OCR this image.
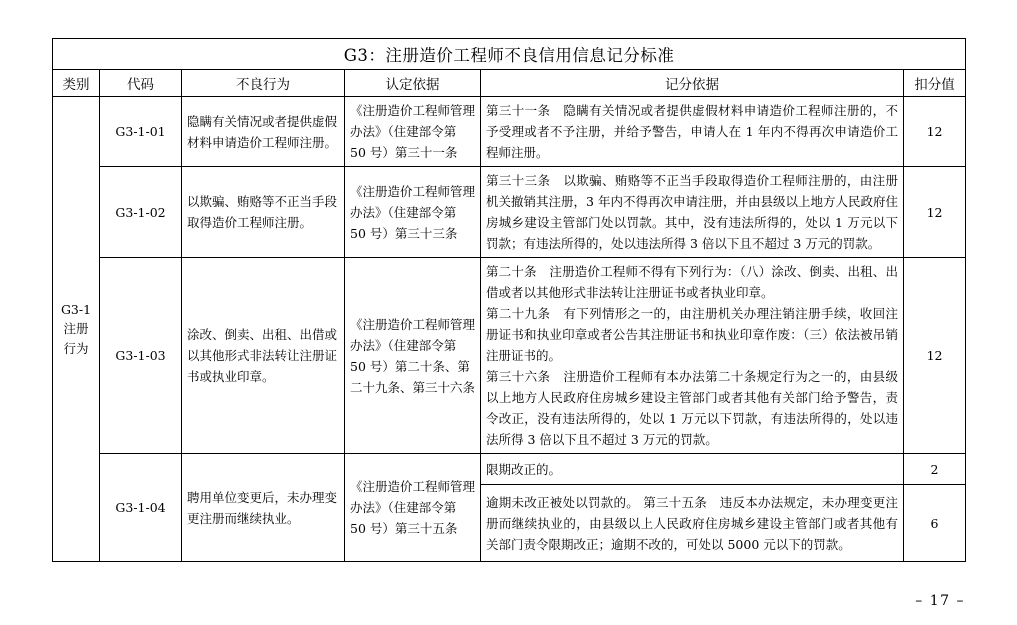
G3：注册造价工程师不良信用信息记分标准					
类别	代码	不良行为	认定依据	记分依据	扣分值

G3-1
注册
行为	G3-1-01	隐瞒有关情况或者提供虚假材料申请造价工程师注册。	《注册造价工程师管理办法》（住建部令第 50 号）第三十一条	第三十一条　隐瞒有关情况或者提供虚假材料申请造价工程师注册的，不予受理或者不予注册，并给予警告，申请人在 1 年内不得再次申请造价工程师注册。	12
	G3-1-02	以欺骗、贿赂等不正当手段取得造价工程师注册。	《注册造价工程师管理办法》（住建部令第 50 号）第三十三条	第三十三条　以欺骗、贿赂等不正当手段取得造价工程师注册的，由注册机关撤销其注册，3 年内不得再次申请注册，并由县级以上地方人民政府住房城乡建设主管部门处以罚款。其中，没有违法所得的，处以 1 万元以下罚款；有违法所得的，处以违法所得 3 倍以下且不超过 3 万元的罚款。	12
	G3-1-03	涂改、倒卖、出租、出借或以其他形式非法转让注册证书或执业印章。	《注册造价工程师管理办法》（住建部令第 50 号）第二十条、第二十九条、第三十六条	第二十条　注册造价工程师不得有下列行为：（八）涂改、倒卖、出租、出借或者以其他形式非法转让注册证书或者执业印章。

第二十九条　有下列情形之一的，由注册机关办理注销注册手续，收回注册证书和执业印章或者公告其注册证书和执业印章作废：（三）依法被吊销注册证书的。

第三十六条　注册造价工程师有本办法第二十条规定行为之一的，由县级以上地方人民政府住房城乡建设主管部门或者其他有关部门给予警告，责令改正，没有违法所得的，处以 1 万元以下罚款，有违法所得的，处以违法所得 3 倍以下且不超过 3 万元的罚款。	12
	G3-1-04	聘用单位变更后，未办理变更注册而继续执业。	《注册造价工程师管理办法》（住建部令第 50 号）第三十五条	限期改正的。	2
				逾期未改正被处以罚款的。 第三十五条　违反本办法规定，未办理变更注册而继续执业的，由县级以上人民政府住房城乡建设主管部门或者其他有关部门责令限期改正；逾期不改的，可处以 5000 元以下的罚款。	6
– 17 –
